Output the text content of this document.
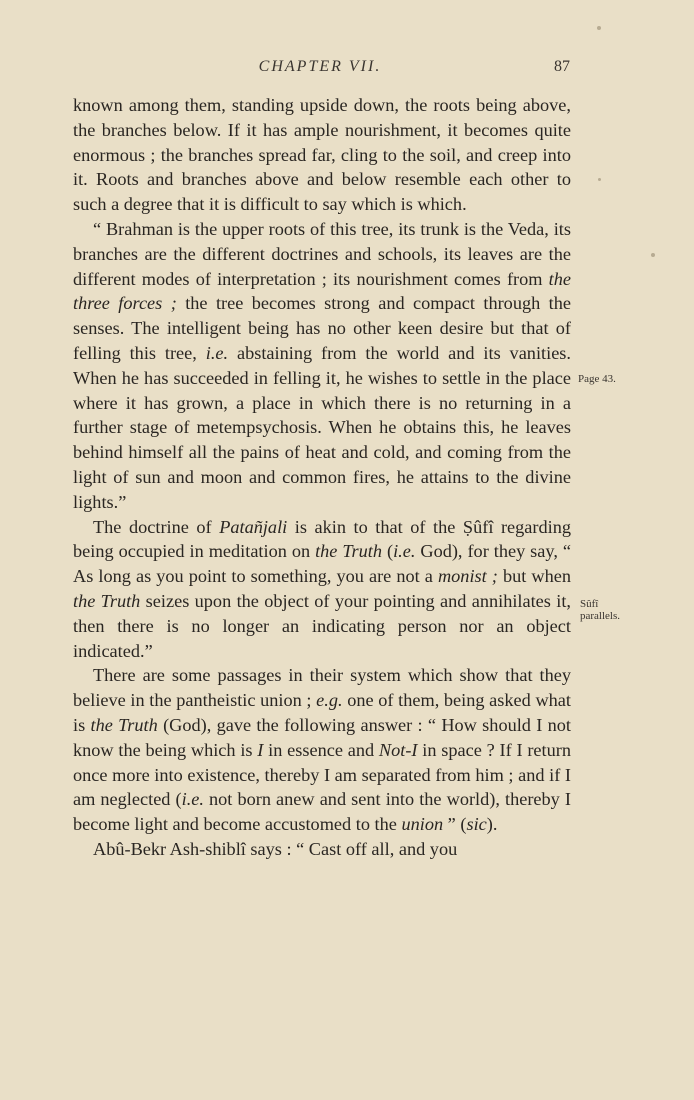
CHAPTER VII.	87

known among them, standing upside down, the roots being above, the branches below. If it has ample nourishment, it becomes quite enormous ; the branches spread far, cling to the soil, and creep into it. Roots and branches above and below resemble each other to such a degree that it is difficult to say which is which.

“ Brahman is the upper roots of this tree, its trunk is the Veda, its branches are the different doctrines and schools, its leaves are the different modes of interpretation ; its nourishment comes from the three forces ; the tree becomes strong and compact through the senses. The intelligent being has no other keen desire but that of felling this tree, i.e. abstaining from the world and its vanities. When he has succeeded in felling it, he wishes to settle in the place where it has grown, a place in which there is no returning in a further stage of metempsychosis. When he obtains this, he leaves behind himself all the pains of heat and cold, and coming from the light of sun and moon and common fires, he attains to the divine lights.”

The doctrine of Patañjali is akin to that of the Ṣûfî regarding being occupied in meditation on the Truth (i.e. God), for they say, “ As long as you point to something, you are not a monist ; but when the Truth seizes upon the object of your pointing and annihilates it, then there is no longer an indicating person nor an object indicated.”

There are some passages in their system which show that they believe in the pantheistic union ; e.g. one of them, being asked what is the Truth (God), gave the following answer : “ How should I not know the being which is I in essence and Not-I in space ? If I return once more into existence, thereby I am separated from him ; and if I am neglected (i.e. not born anew and sent into the world), thereby I become light and become accustomed to the union ” (sic).

Abû-Bekr Ash-shiblî says : “ Cast off all, and you

Page 43.
Sûfî parallels.
